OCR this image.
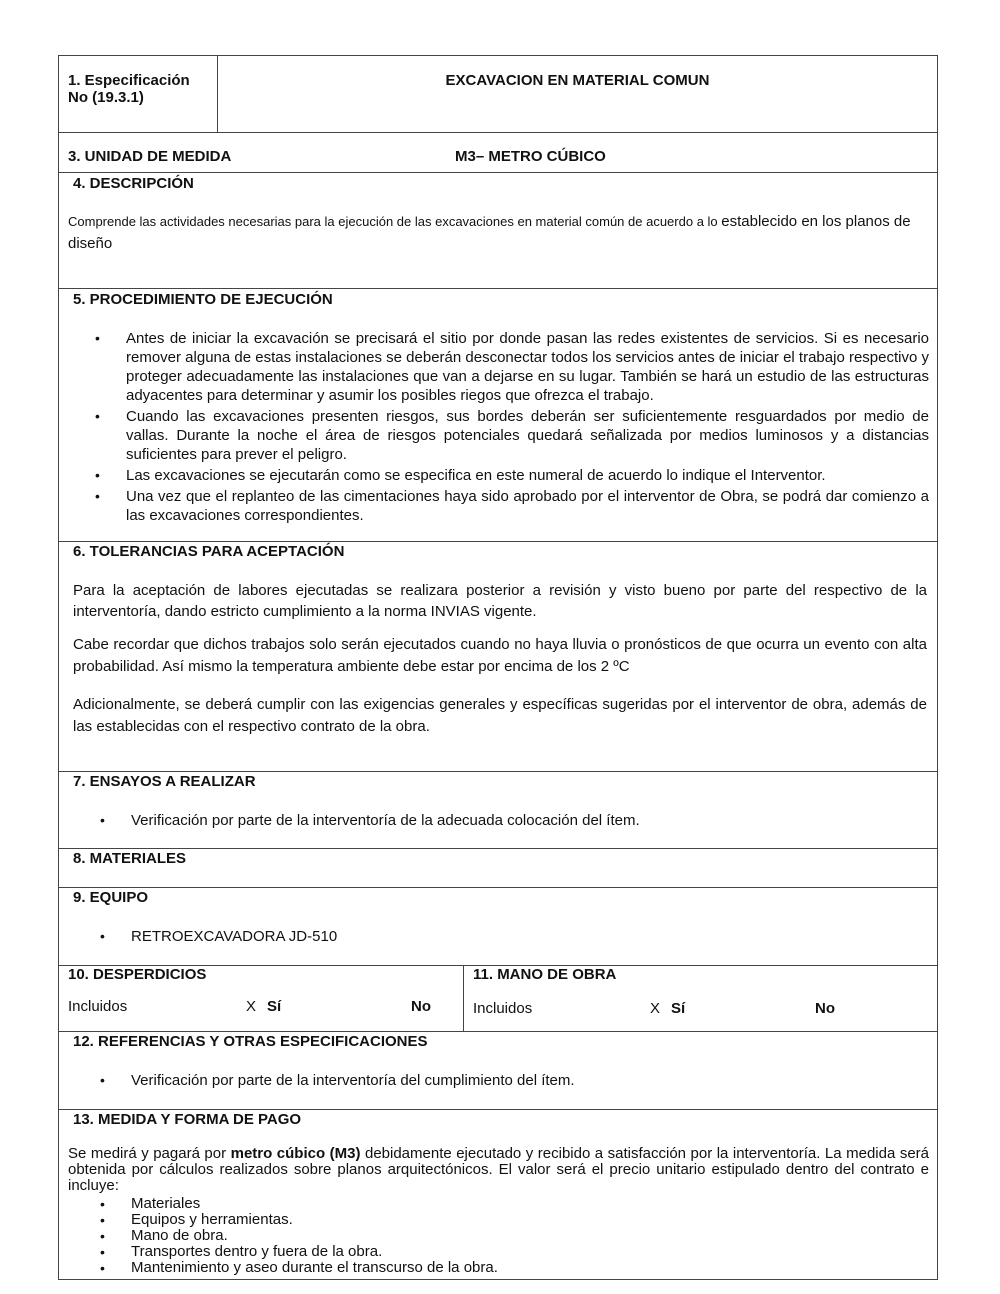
1. Especificación
No (19.3.1)
EXCAVACION EN MATERIAL COMUN
3. UNIDAD DE MEDIDA	M3– METRO CÚBICO
4. DESCRIPCIÓN

Comprende las actividades necesarias para la ejecución de las excavaciones en material común de acuerdo a lo establecido en los planos de diseño

5. PROCEDIMIENTO DE EJECUCIÓN
• Antes de iniciar la excavación se precisará el sitio por donde pasan las redes existentes de servicios. Si es necesario remover alguna de estas instalaciones se deberán desconectar todos los servicios antes de iniciar el trabajo respectivo y proteger adecuadamente las instalaciones que van a dejarse en su lugar. También se hará un estudio de las estructuras adyacentes para determinar y asumir los posibles riegos que ofrezca el trabajo.
• Cuando las excavaciones presenten riesgos, sus bordes deberán ser suficientemente resguardados por medio de vallas. Durante la noche el área de riesgos potenciales quedará señalizada por medios luminosos y a distancias suficientes para prever el peligro.
• Las excavaciones se ejecutarán como se especifica en este numeral de acuerdo lo indique el Interventor.
• Una vez que el replanteo de las cimentaciones haya sido aprobado por el interventor de Obra, se podrá dar comienzo a las excavaciones correspondientes.
6. TOLERANCIAS PARA ACEPTACIÓN

Para la aceptación de labores ejecutadas se realizara posterior a revisión y visto bueno por parte del respectivo de la interventoría, dando estricto cumplimiento a la norma INVIAS vigente.

Cabe recordar que dichos trabajos solo serán ejecutados cuando no haya lluvia o pronósticos de que ocurra un evento con alta probabilidad. Así mismo la temperatura ambiente debe estar por encima de los 2 ºC

Adicionalmente, se deberá cumplir con las exigencias generales y específicas sugeridas por el interventor de obra, además de las establecidas con el respectivo contrato de la obra.

7. ENSAYOS A REALIZAR
• Verificación por parte de la interventoría de la adecuada colocación del ítem.
8. MATERIALES
9. EQUIPO
• RETROEXCAVADORA JD-510
10. DESPERDICIOS
Incluidos	X Sí	No
11. MANO DE OBRA
Incluidos	X Sí	No
12. REFERENCIAS Y OTRAS ESPECIFICACIONES
• Verificación por parte de la interventoría del cumplimiento del ítem.
13. MEDIDA Y FORMA DE PAGO

Se medirá y pagará por metro cúbico (M3) debidamente ejecutado y recibido a satisfacción por la interventoría. La medida será obtenida por cálculos realizados sobre planos arquitectónicos. El valor será el precio unitario estipulado dentro del contrato e incluye:

• Materiales
• Equipos y herramientas.
• Mano de obra.
• Transportes dentro y fuera de la obra.
• Mantenimiento y aseo durante el transcurso de la obra.
